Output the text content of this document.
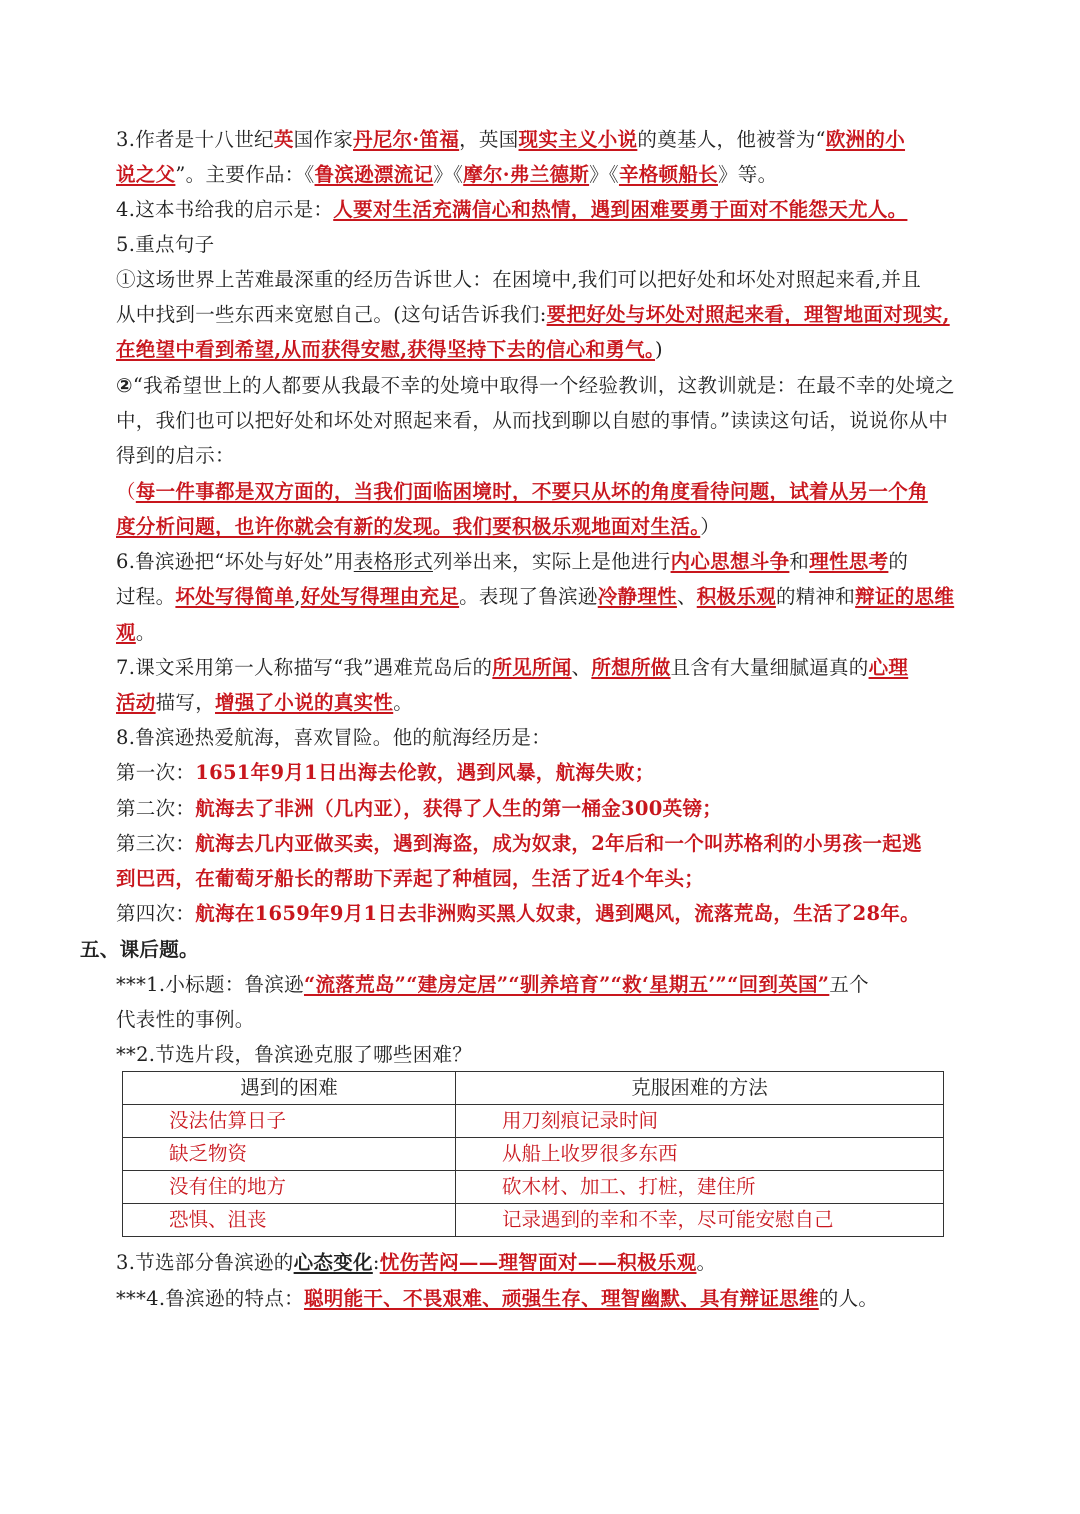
3.作者是十八世纪英国作家丹尼尔·笛福，英国现实主义小说的奠基人，他被誉为“欧洲的小
说之父”。主要作品：《鲁滨逊漂流记》《摩尔·弗兰德斯》《辛格顿船长》等。
4.这本书给我的启示是：人要对生活充满信心和热情，遇到困难要勇于面对不能怨天尤人。
5.重点句子
①这场世界上苦难最深重的经历告诉世人：在困境中,我们可以把好处和坏处对照起来看,并且
从中找到一些东西来宽慰自己。(这句话告诉我们:要把好处与坏处对照起来看，理智地面对现实,
在绝望中看到希望,从而获得安慰,获得坚持下去的信心和勇气。)
②“我希望世上的人都要从我最不幸的处境中取得一个经验教训，这教训就是：在最不幸的处境之
中，我们也可以把好处和坏处对照起来看，从而找到聊以自慰的事情。”读读这句话，说说你从中
得到的启示：
（每一件事都是双方面的，当我们面临困境时，不要只从坏的角度看待问题，试着从另一个角
度分析问题，也许你就会有新的发现。我们要积极乐观地面对生活。）
6.鲁滨逊把“坏处与好处”用表格形式列举出来，实际上是他进行内心思想斗争和理性思考的
过程。坏处写得简单,好处写得理由充足。表现了鲁滨逊冷静理性、积极乐观的精神和辩证的思维
观。
7.课文采用第一人称描写“我”遇难荒岛后的所见所闻、所想所做且含有大量细腻逼真的心理
活动描写，增强了小说的真实性。
8.鲁滨逊热爱航海，喜欢冒险。他的航海经历是：
第一次：1651年9月1日出海去伦敦，遇到风暴，航海失败；
第二次：航海去了非洲（几内亚），获得了人生的第一桶金300英镑；
第三次：航海去几内亚做买卖，遇到海盗，成为奴隶，2年后和一个叫苏格利的小男孩一起逃
到巴西，在葡萄牙船长的帮助下弄起了种植园，生活了近4个年头；
第四次：航海在1659年9月1日去非洲购买黑人奴隶，遇到飓风，流落荒岛，生活了28年。
五、课后题。
***1.小标题：鲁滨逊“流落荒岛”“建房定居”“驯养培育”“救‘星期五’”“回到英国”五个
代表性的事例。
**2.节选片段，鲁滨逊克服了哪些困难？
遇到的困难	克服困难的方法
没法估算日子	用刀刻痕记录时间
缺乏物资	从船上收罗很多东西
没有住的地方	砍木材、加工、打桩，建住所
恐惧、沮丧	记录遇到的幸和不幸，尽可能安慰自己
3.节选部分鲁滨逊的心态变化:忧伤苦闷——理智面对——积极乐观。
***4.鲁滨逊的特点：聪明能干、不畏艰难、顽强生存、理智幽默、具有辩证思维的人。
